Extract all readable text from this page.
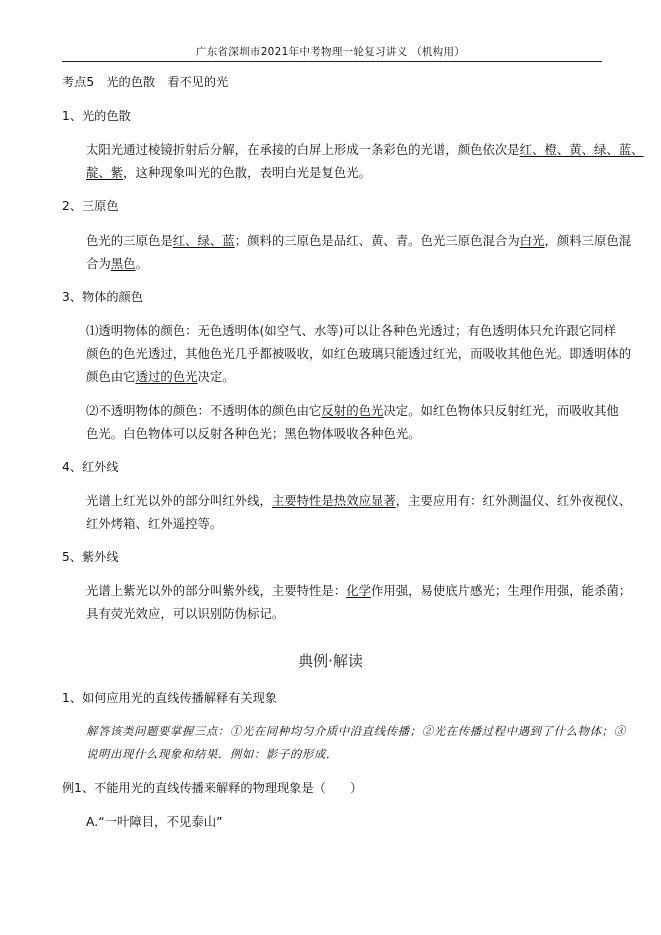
广东省深圳市2021年中考物理一轮复习讲义 （机构用）
考点5　光的色散　看不见的光
1、光的色散
太阳光通过棱镜折射后分解，在承接的白屏上形成一条彩色的光谱，颜色依次是红、橙、黄、绿、蓝、
靛、紫，这种现象叫光的色散，表明白光是复色光。
2、三原色
色光的三原色是红、绿、蓝；颜料的三原色是品红、黄、青。色光三原色混合为白光，颜料三原色混
合为黑色。
3、物体的颜色
⑴透明物体的颜色：无色透明体(如空气、水等)可以让各种色光透过；有色透明体只允许跟它同样
颜色的色光透过，其他色光几乎都被吸收，如红色玻璃只能透过红光，而吸收其他色光。即透明体的
颜色由它透过的色光决定。
⑵不透明物体的颜色：不透明体的颜色由它反射的色光决定。如红色物体只反射红光，而吸收其他
色光。白色物体可以反射各种色光；黑色物体吸收各种色光。
4、红外线
光谱上红光以外的部分叫红外线，主要特性是热效应显著，主要应用有：红外测温仪、红外夜视仪、
红外烤箱、红外遥控等。
5、紫外线
光谱上紫光以外的部分叫紫外线，主要特性是：化学作用强，易使底片感光；生理作用强，能杀菌；
具有荧光效应，可以识别防伪标记。
典例·解读
1、如何应用光的直线传播解释有关现象
解答该类问题要掌握三点：①光在同种均匀介质中沿直线传播；②光在传播过程中遇到了什么物体；③
说明出现什么现象和结果．例如：影子的形成．
例1、不能用光的直线传播来解释的物理现象是（　　）
A.“一叶障目，不见泰山”
